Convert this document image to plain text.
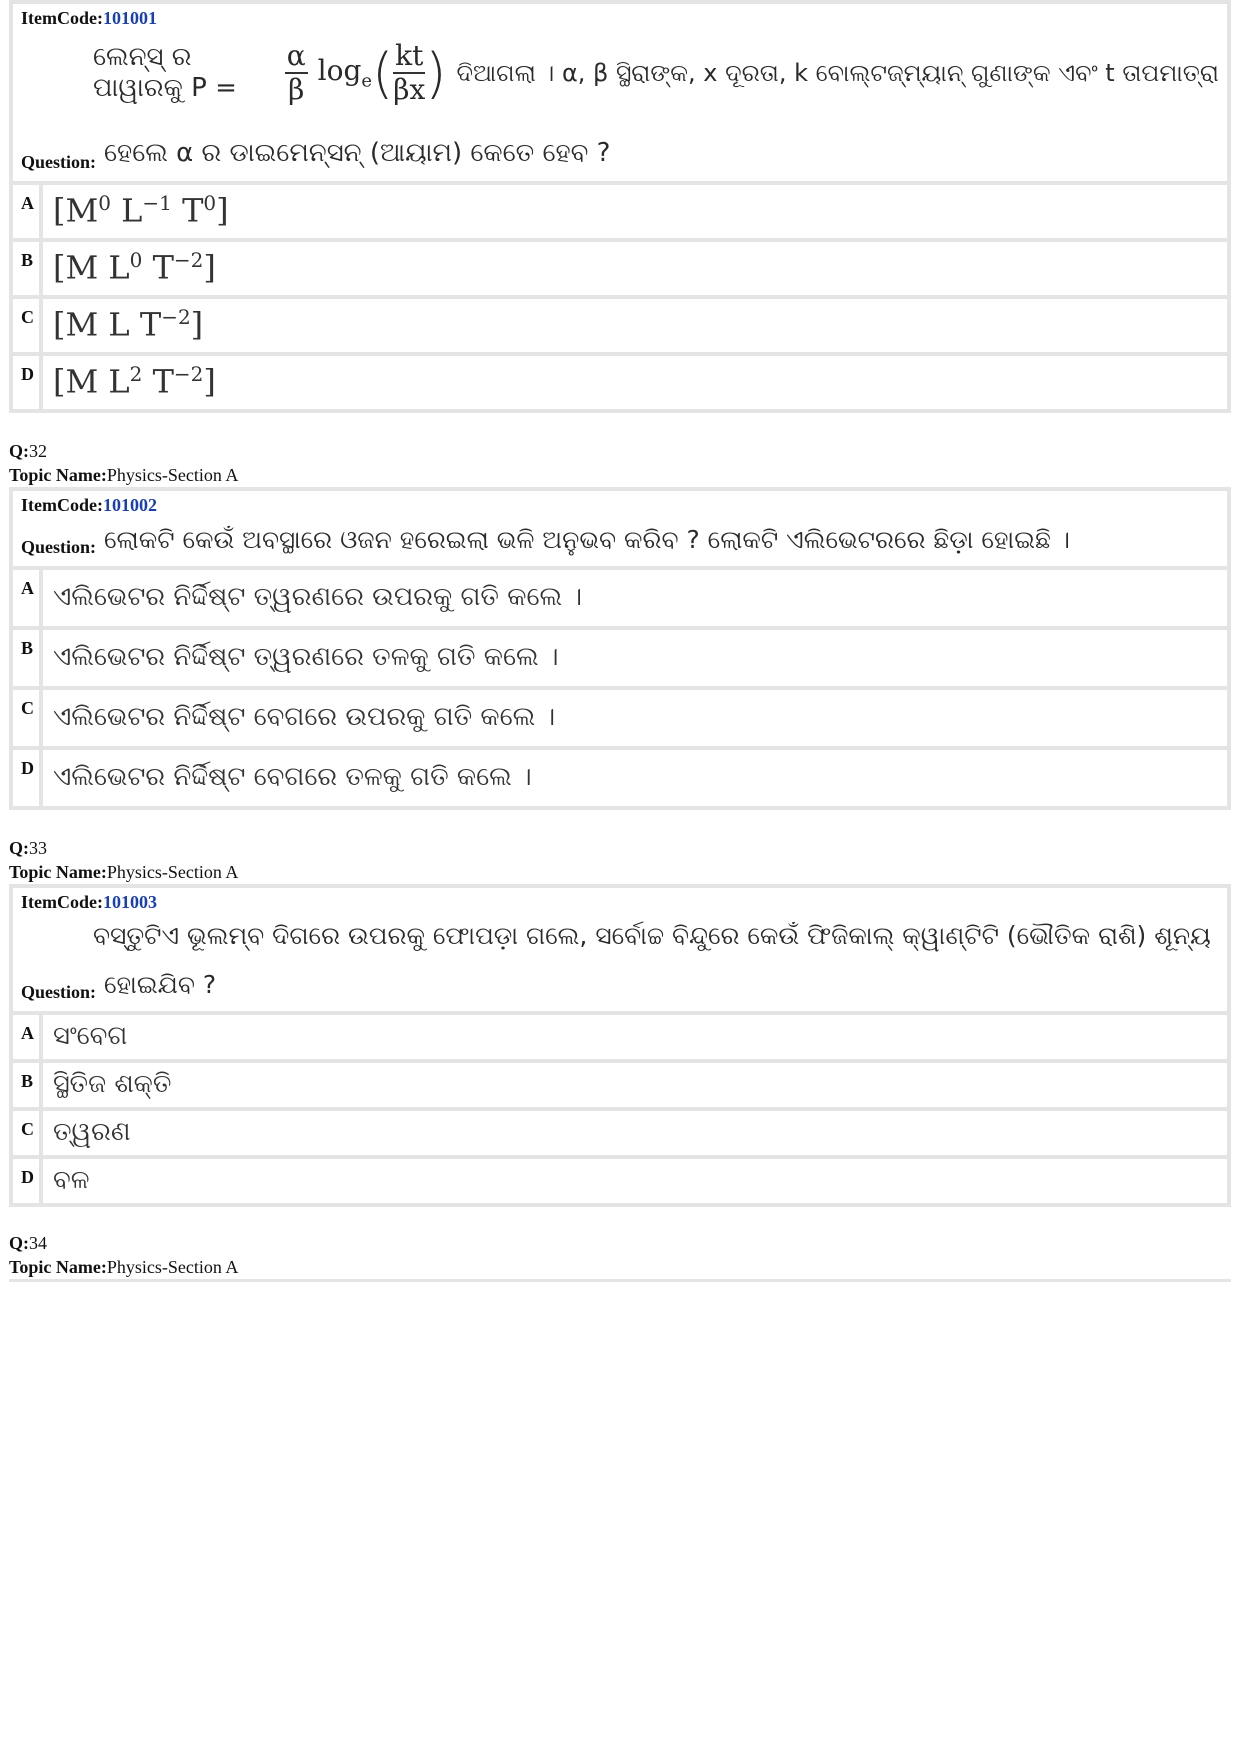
ItemCode:101001
ଲେନ୍ସ୍ ର ପାୱାରକୁ P =	$\frac{\alpha}{\beta} \log_e$ ( $\frac{kt}{\beta x}$ ) ଦିଆଗଲା । α, β ସ୍ଥିରାଙ୍କ, x ଦୂରତା, k ବୋଲ୍ଟଜ୍‌ମ୍ୟାନ୍ ଗୁଣାଙ୍କ ଏବଂ t ତାପମାତ୍ରା
Question: ହେଲେ α ର ଡାଇମେନ୍‌ସନ୍ (ଆୟାମ) କେତେ ହେବ ?
A [$M^0$ $L^{-1}$ $T^0$]
B [M $L^0$ $T^{-2}$]
C [M L $T^{-2}$]
D [M $L^2$ $T^{-2}$]
Q:32
Topic Name:Physics-Section A
ItemCode:101002
Question: ଲୋକଟି କେଉଁ ଅବସ୍ଥାରେ ଓଜନ ହରେଇଲା ଭଳି ଅନୁଭବ କରିବ ? ଲୋକଟି ଏଲିଭେଟରରେ ଛିଡ଼ା ହୋଇଛି ।
A ଏଲିଭେଟର ନିର୍ଦ୍ଦିଷ୍ଟ ତ୍ୱରଣରେ ଉପରକୁ ଗତି କଲେ ।
B ଏଲିଭେଟର ନିର୍ଦ୍ଦିଷ୍ଟ ତ୍ୱରଣରେ ତଳକୁ ଗତି କଲେ ।
C ଏଲିଭେଟର ନିର୍ଦ୍ଦିଷ୍ଟ ବେଗରେ ଉପରକୁ ଗତି କଲେ ।
D ଏଲିଭେଟର ନିର୍ଦ୍ଦିଷ୍ଟ ବେଗରେ ତଳକୁ ଗତି କଲେ ।
Q:33
Topic Name:Physics-Section A
ItemCode:101003
ବସ୍ତୁଟିଏ ଭୂଲମ୍ବ ଦିଗରେ ଉପରକୁ ଫୋପଡ଼ା ଗଲେ, ସର୍ବୋଚ୍ଚ ବିନ୍ଦୁରେ କେଉଁ ଫିଜିକାଲ୍ କ୍ୱାଣ୍ଟିଟି (ଭୌତିକ ରାଶି) ଶୂନ୍ୟ
Question: ହୋଇଯିବ ?
A ସଂବେଗ
B ସ୍ଥିତିଜ ଶକ୍ତି
C ତ୍ୱରଣ
D ବଳ
Q:34
Topic Name:Physics-Section A
